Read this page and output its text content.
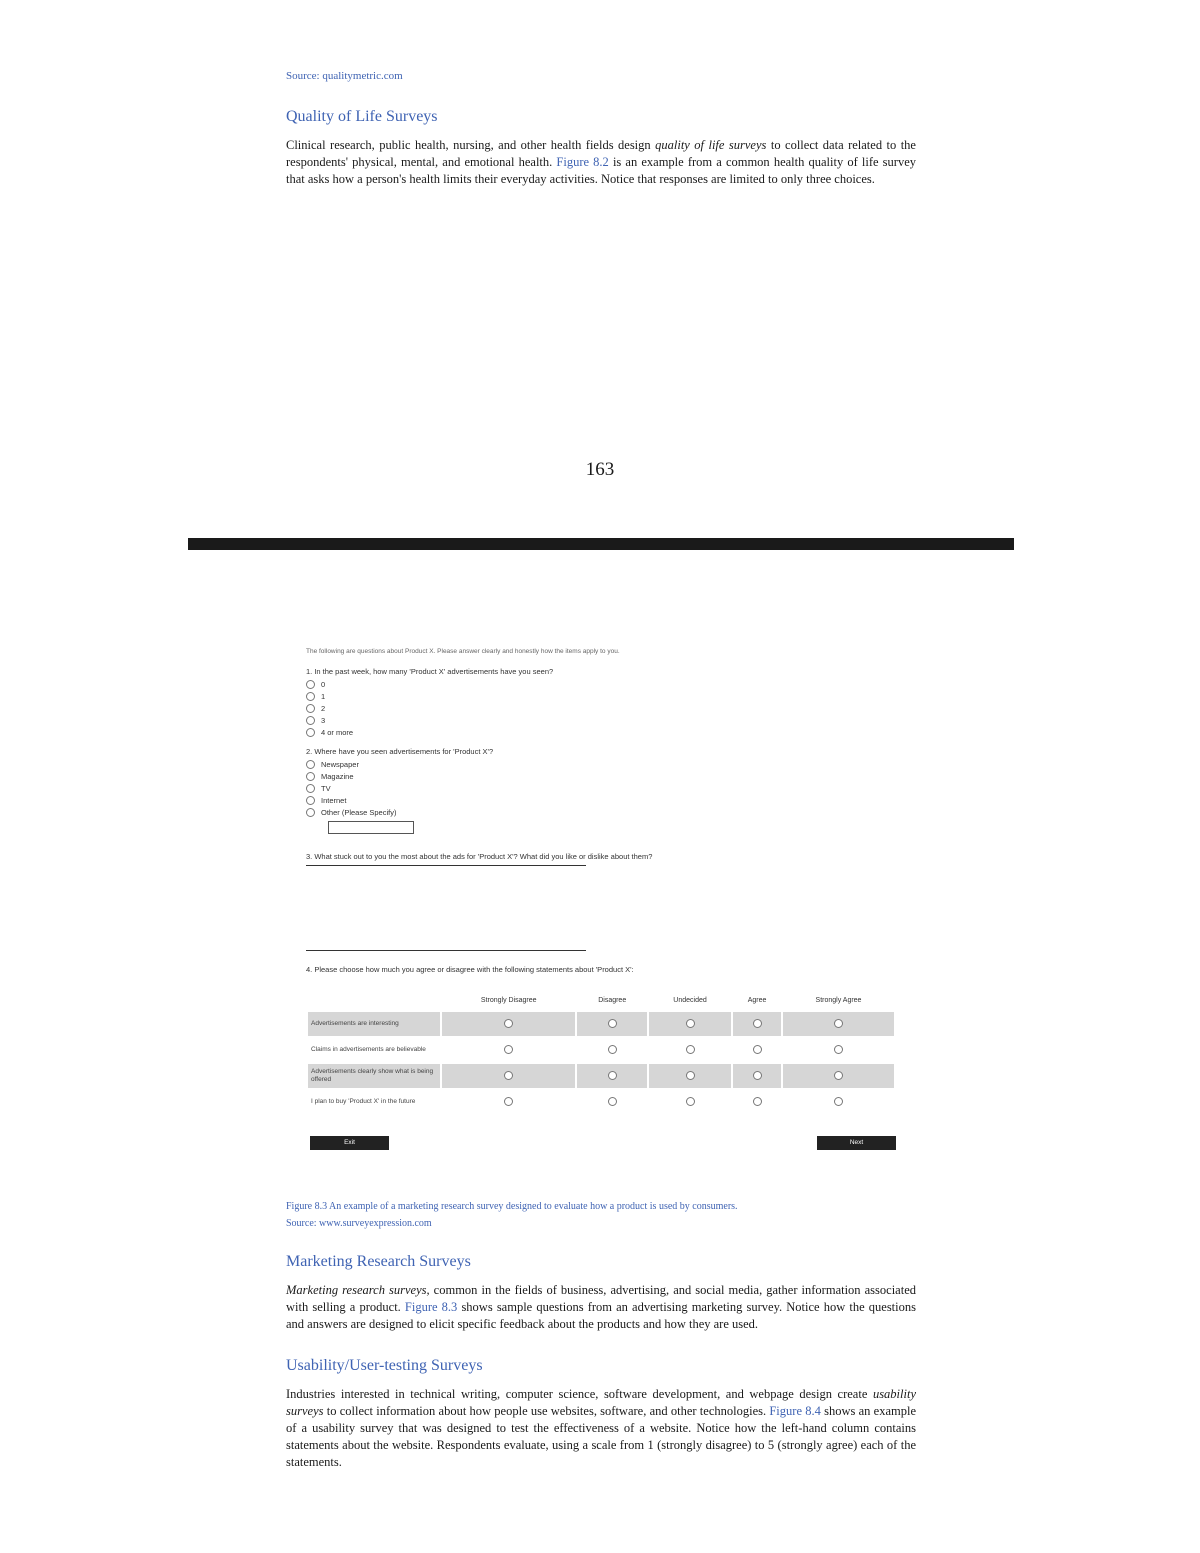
Source: qualitymetric.com
Quality of Life Surveys

Clinical research, public health, nursing, and other health fields design quality of life surveys to collect data related to the respondents' physical, mental, and emotional health. Figure 8.2 is an example from a common health quality of life survey that asks how a person's health limits their everyday activities. Notice that responses are limited to only three choices.

163
The following are questions about Product X. Please answer clearly and honestly how the items apply to you.
1. In the past week, how many 'Product X' advertisements have you seen?
0
1
2
3
4 or more
2. Where have you seen advertisements for 'Product X'?
Newspaper
Magazine
TV
Internet
Other (Please Specify)
3. What stuck out to you the most about the ads for 'Product X'? What did you like or dislike about them?
4. Please choose how much you agree or disagree with the following statements about 'Product X':
	Strongly Disagree	Disagree	Undecided	Agree	Strongly Agree
Advertisements are interesting					
Claims in advertisements are believable					
Advertisements clearly show what is being offered					
I plan to buy 'Product X' in the future					
Exit	Next
Figure 8.3 An example of a marketing research survey designed to evaluate how a product is used by consumers.
Source: www.surveyexpression.com
Marketing Research Surveys

Marketing research surveys, common in the fields of business, advertising, and social media, gather information associated with selling a product. Figure 8.3 shows sample questions from an advertising marketing survey. Notice how the questions and answers are designed to elicit specific feedback about the products and how they are used.

Usability/User-testing Surveys

Industries interested in technical writing, computer science, software development, and webpage design create usability surveys to collect information about how people use websites, software, and other technologies. Figure 8.4 shows an example of a usability survey that was designed to test the effectiveness of a website. Notice how the left-hand column contains statements about the website. Respondents evaluate, using a scale from 1 (strongly disagree) to 5 (strongly agree) each of the statements.
